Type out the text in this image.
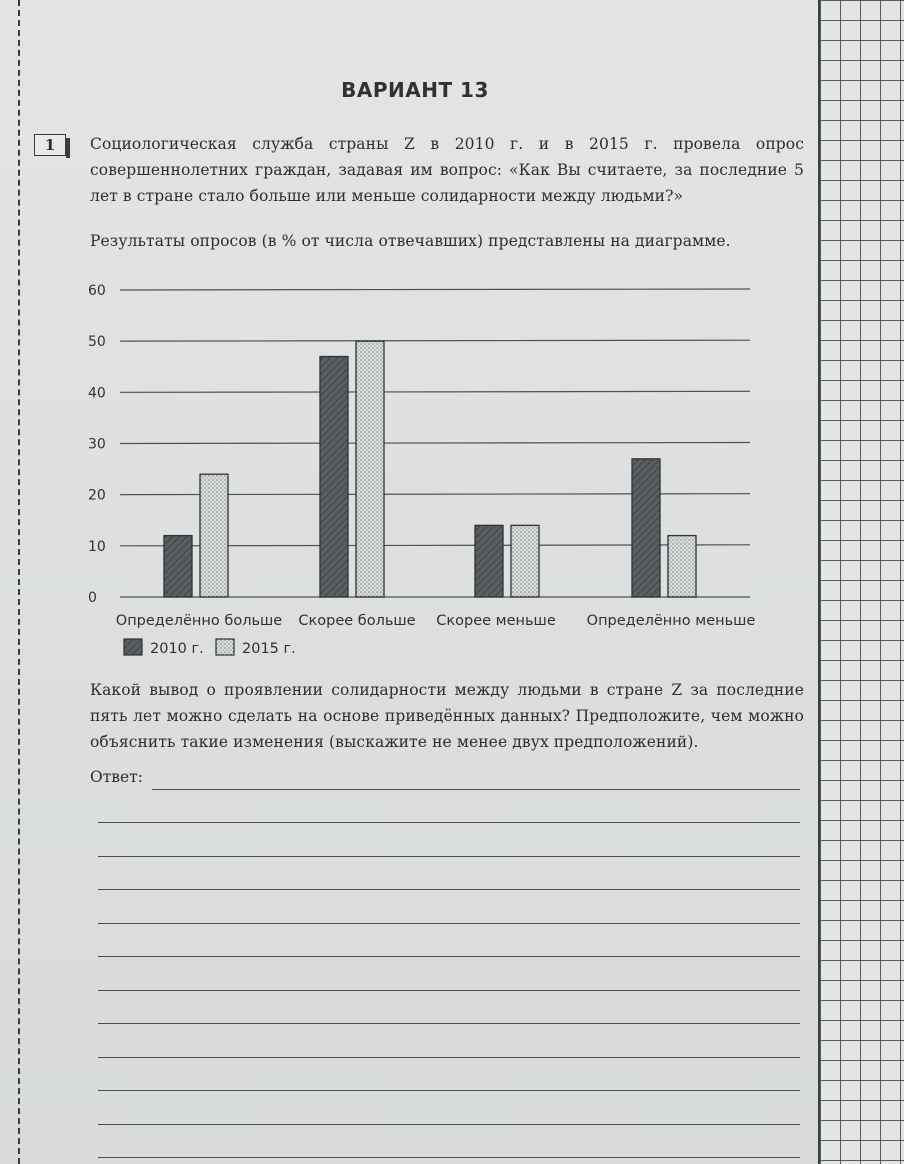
ВАРИАНТ 13
1 Социологическая служба страны Z в 2010 г. и в 2015 г. провела опрос совершеннолетних граждан, задавая им вопрос: «Как Вы считаете, за последние 5 лет в стране стало больше или меньше солидарности между людьми?»
Результаты опросов (в % от числа отвечавших) представлены на диаграмме.
0
10
20
30
40
50
60
Определённо больше Скорее больше Скорее меньше Определённо меньше
2010 г.	2015 г.
Какой вывод о проявлении солидарности между людьми в стране Z за последние пять лет можно сделать на основе приведённых данных? Предположите, чем можно объяснить такие изменения (выскажите не менее двух предположений).
Ответ:
